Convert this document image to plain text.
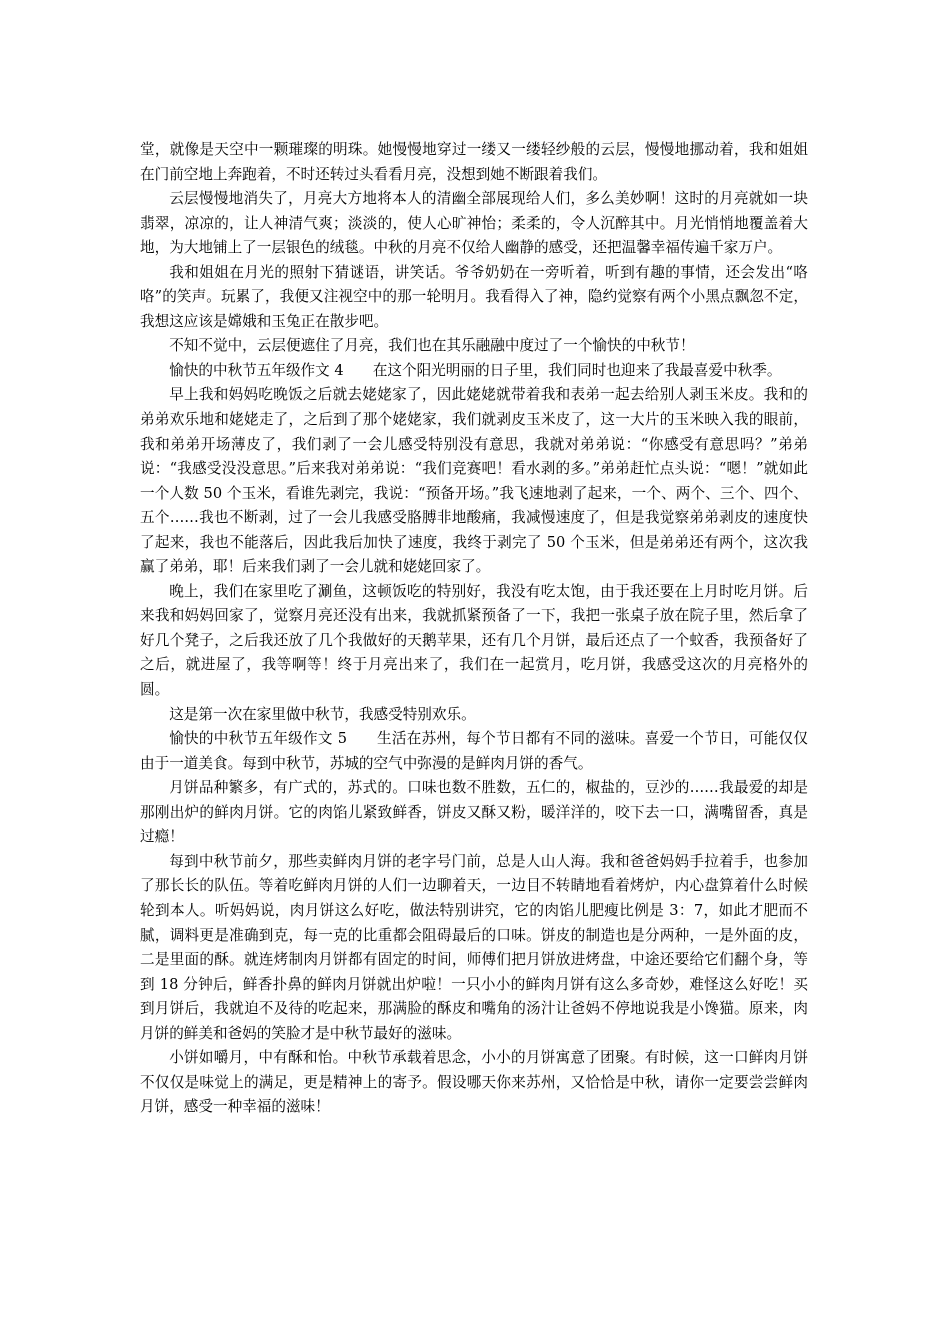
堂，就像是天空中一颗璀璨的明珠。她慢慢地穿过一缕又一缕轻纱般的云层，慢慢地挪动着，我和姐姐在门前空地上奔跑着，不时还转过头看看月亮，没想到她不断跟着我们。

云层慢慢地消失了，月亮大方地将本人的清幽全部展现给人们，多么美妙啊！这时的月亮就如一块翡翠，凉凉的，让人神清气爽；淡淡的，使人心旷神怡；柔柔的，令人沉醉其中。月光悄悄地覆盖着大地，为大地铺上了一层银色的绒毯。中秋的月亮不仅给人幽静的感受，还把温馨幸福传遍千家万户。

我和姐姐在月光的照射下猜谜语，讲笑话。爷爷奶奶在一旁听着，听到有趣的事情，还会发出“咯咯”的笑声。玩累了，我便又注视空中的那一轮明月。我看得入了神，隐约觉察有两个小黑点飘忽不定，我想这应该是嫦娥和玉兔正在散步吧。

不知不觉中，云层便遮住了月亮，我们也在其乐融融中度过了一个愉快的中秋节！

愉快的中秋节五年级作文 4　　在这个阳光明丽的日子里，我们同时也迎来了我最喜爱中秋季。

早上我和妈妈吃晚饭之后就去姥姥家了，因此姥姥就带着我和表弟一起去给别人剥玉米皮。我和的弟弟欢乐地和姥姥走了，之后到了那个姥姥家，我们就剥皮玉米皮了，这一大片的玉米映入我的眼前，我和弟弟开场薄皮了，我们剥了一会儿感受特别没有意思，我就对弟弟说：“你感受有意思吗？”弟弟说：“我感受没没意思。”后来我对弟弟说：“我们竞赛吧！看水剥的多。”弟弟赶忙点头说：“嗯！”就如此一个人数 50 个玉米，看谁先剥完，我说：“预备开场。”我飞速地剥了起来，一个、两个、三个、四个、五个……我也不断剥，过了一会儿我感受胳膊非地酸痛，我减慢速度了，但是我觉察弟弟剥皮的速度快了起来，我也不能落后，因此我后加快了速度，我终于剥完了 50 个玉米，但是弟弟还有两个，这次我赢了弟弟，耶！后来我们剥了一会儿就和姥姥回家了。

晚上，我们在家里吃了涮鱼，这顿饭吃的特别好，我没有吃太饱，由于我还要在上月时吃月饼。后来我和妈妈回家了，觉察月亮还没有出来，我就抓紧预备了一下，我把一张桌子放在院子里，然后拿了好几个凳子，之后我还放了几个我做好的天鹅苹果，还有几个月饼，最后还点了一个蚊香，我预备好了之后，就进屋了，我等啊等！终于月亮出来了，我们在一起赏月，吃月饼，我感受这次的月亮格外的圆。

这是第一次在家里做中秋节，我感受特别欢乐。

愉快的中秋节五年级作文 5　　生活在苏州，每个节日都有不同的滋味。喜爱一个节日，可能仅仅由于一道美食。每到中秋节，苏城的空气中弥漫的是鲜肉月饼的香气。

月饼品种繁多，有广式的，苏式的。口味也数不胜数，五仁的，椒盐的，豆沙的……我最爱的却是那刚出炉的鲜肉月饼。它的肉馅儿紧致鲜香，饼皮又酥又粉，暖洋洋的，咬下去一口，满嘴留香，真是过瘾！

每到中秋节前夕，那些卖鲜肉月饼的老字号门前，总是人山人海。我和爸爸妈妈手拉着手，也参加了那长长的队伍。等着吃鲜肉月饼的人们一边聊着天，一边目不转睛地看着烤炉，内心盘算着什么时候轮到本人。听妈妈说，肉月饼这么好吃，做法特别讲究，它的肉馅儿肥瘦比例是 3：7，如此才肥而不腻，调料更是准确到克，每一克的比重都会阻碍最后的口味。饼皮的制造也是分两种，一是外面的皮，二是里面的酥。就连烤制肉月饼都有固定的时间，师傅们把月饼放进烤盘，中途还要给它们翻个身，等到 18 分钟后，鲜香扑鼻的鲜肉月饼就出炉啦！一只小小的鲜肉月饼有这么多奇妙，难怪这么好吃！买到月饼后，我就迫不及待的吃起来，那满脸的酥皮和嘴角的汤汁让爸妈不停地说我是小馋猫。原来，肉月饼的鲜美和爸妈的笑脸才是中秋节最好的滋味。

小饼如嚼月，中有酥和怡。中秋节承载着思念，小小的月饼寓意了团聚。有时候，这一口鲜肉月饼不仅仅是味觉上的满足，更是精神上的寄予。假设哪天你来苏州，又恰恰是中秋，请你一定要尝尝鲜肉月饼，感受一种幸福的滋味！
